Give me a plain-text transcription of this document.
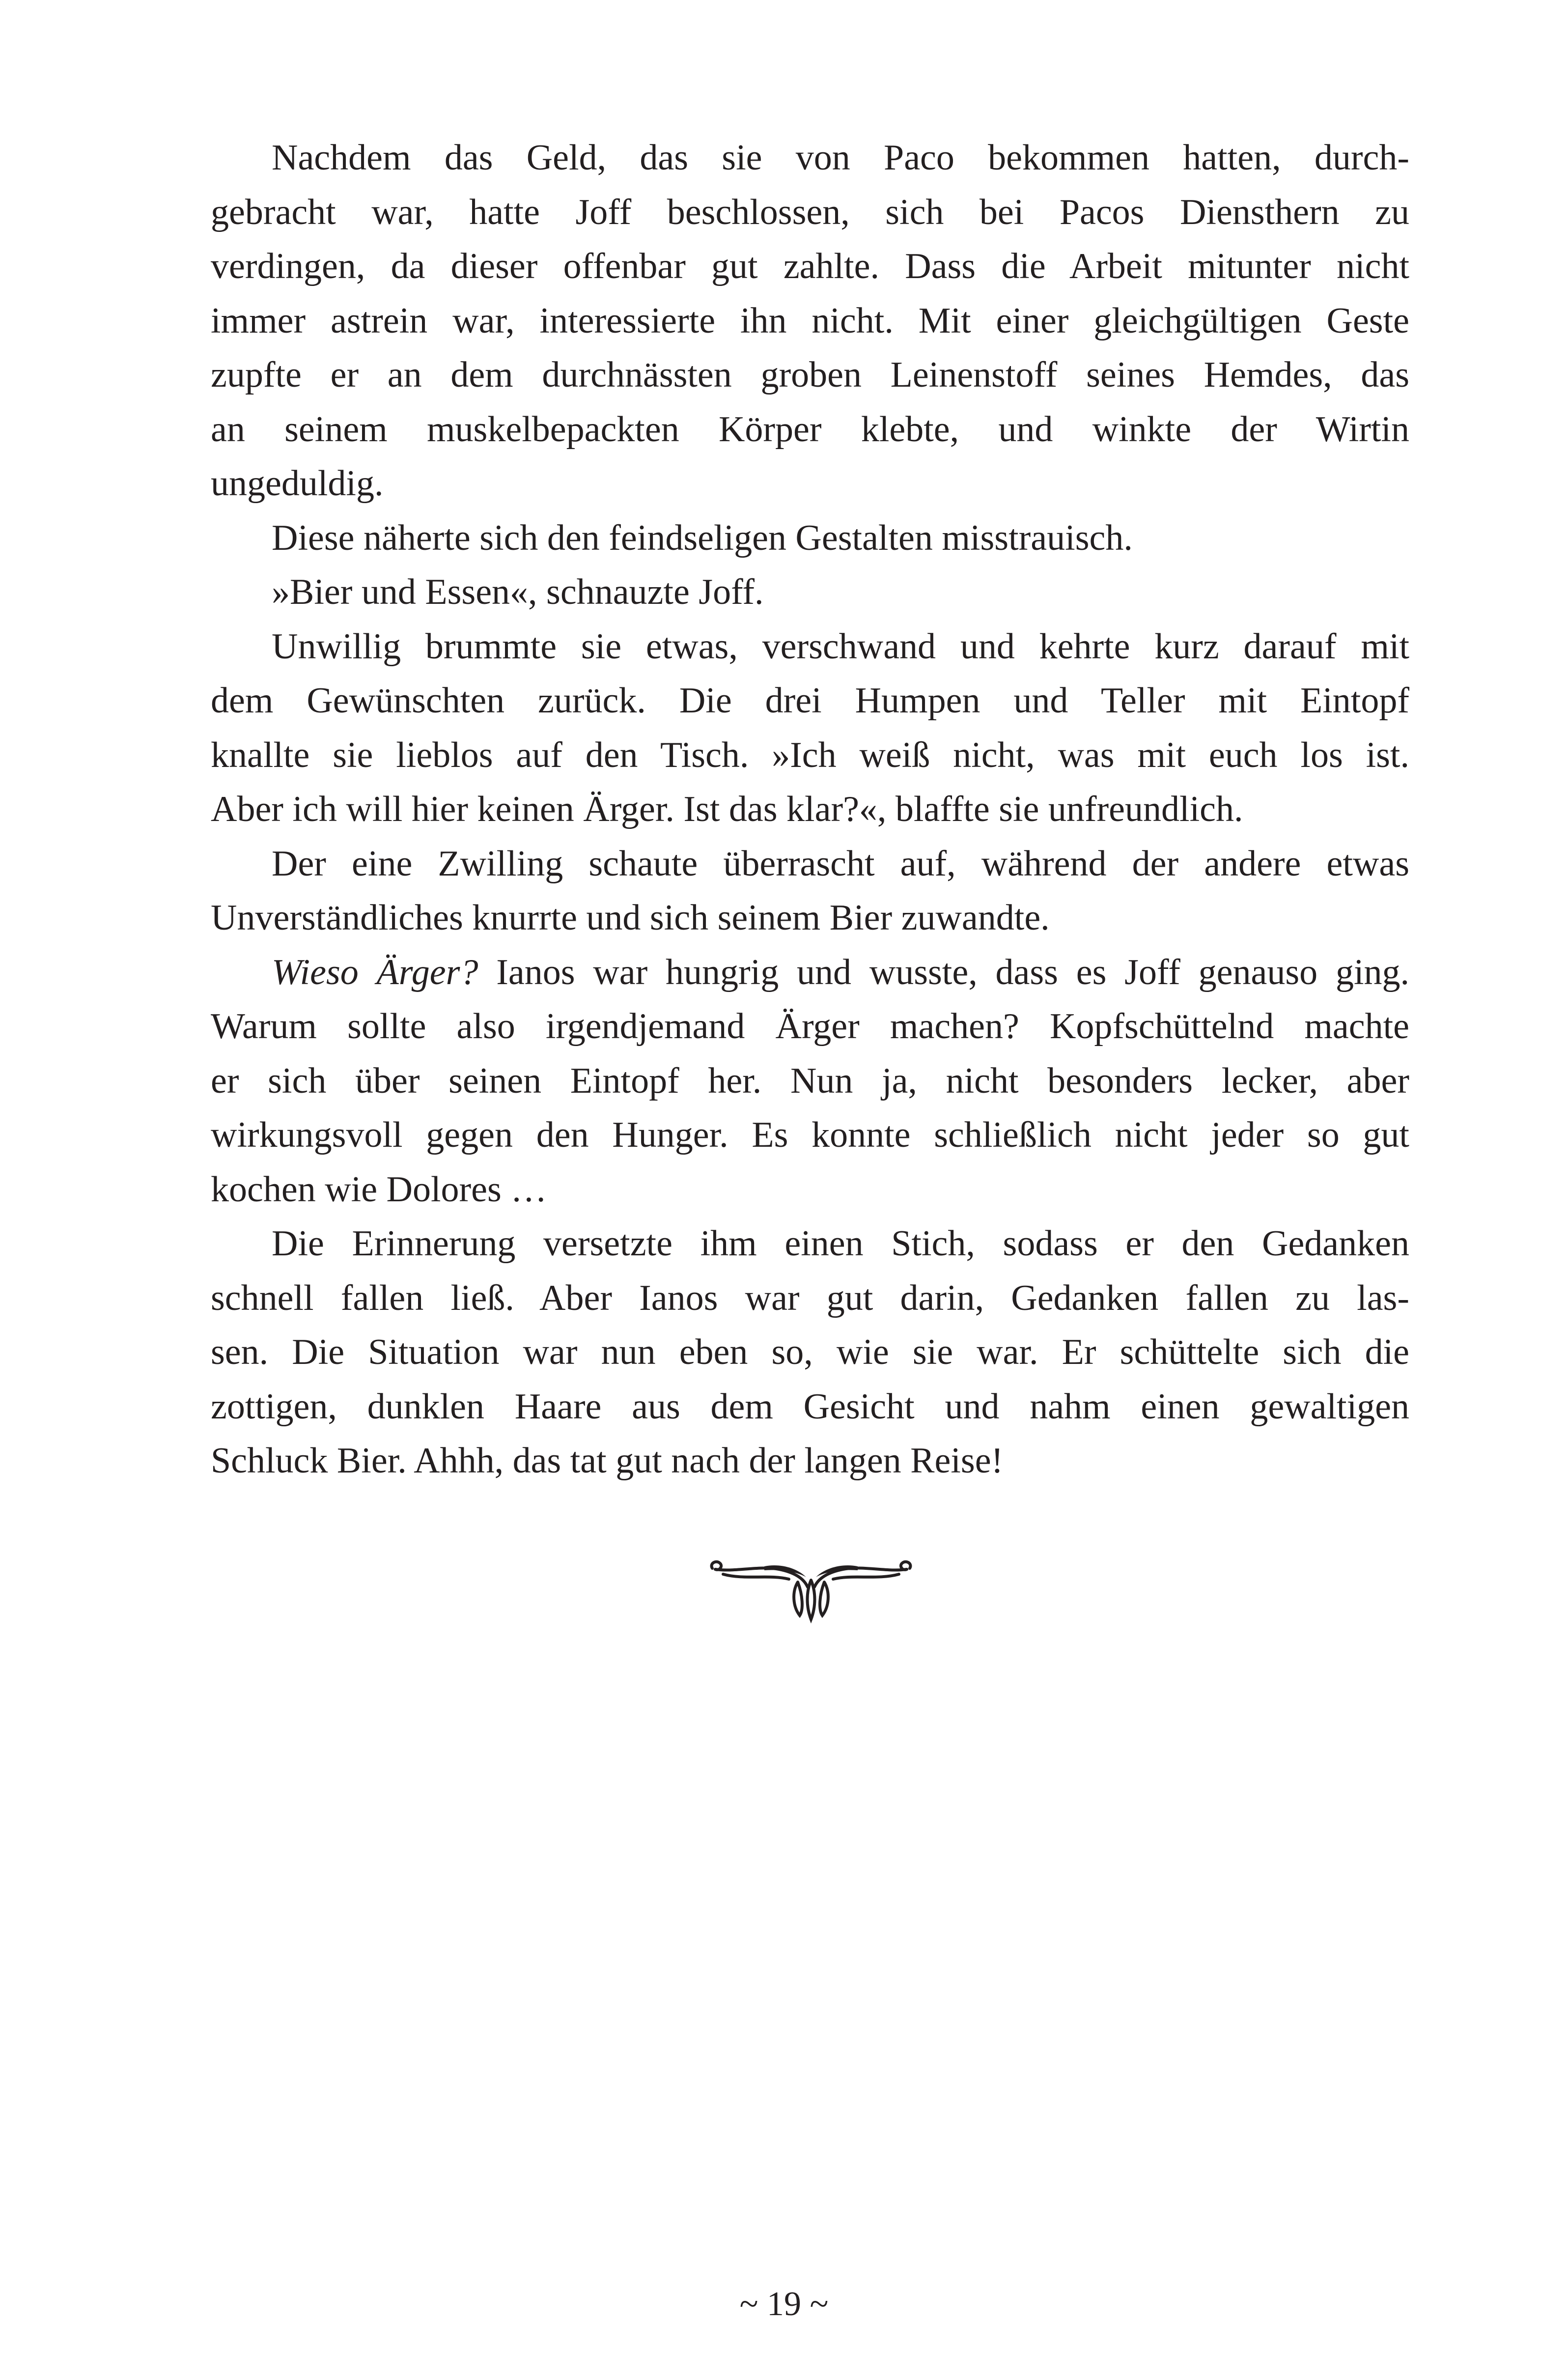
Nachdem das Geld, das sie von Paco bekommen hatten, durch-
gebracht war, hatte Joff beschlossen, sich bei Pacos Diensthern zu
verdingen, da dieser offenbar gut zahlte. Dass die Arbeit mitunter nicht
immer astrein war, interessierte ihn nicht. Mit einer gleichgültigen Geste
zupfte er an dem durchnässten groben Leinenstoff seines Hemdes, das
an seinem muskelbepackten Körper klebte, und winkte der Wirtin
ungeduldig.
Diese näherte sich den feindseligen Gestalten misstrauisch.
»Bier und Essen«, schnauzte Joff.
Unwillig brummte sie etwas, verschwand und kehrte kurz darauf mit
dem Gewünschten zurück. Die drei Humpen und Teller mit Eintopf
knallte sie lieblos auf den Tisch. »Ich weiß nicht, was mit euch los ist.
Aber ich will hier keinen Ärger. Ist das klar?«, blaffte sie unfreundlich.
Der eine Zwilling schaute überrascht auf, während der andere etwas
Unverständliches knurrte und sich seinem Bier zuwandte.
Wieso Ärger? Ianos war hungrig und wusste, dass es Joff genauso ging.
Warum sollte also irgendjemand Ärger machen? Kopfschüttelnd machte
er sich über seinen Eintopf her. Nun ja, nicht besonders lecker, aber
wirkungsvoll gegen den Hunger. Es konnte schließlich nicht jeder so gut
kochen wie Dolores …
Die Erinnerung versetzte ihm einen Stich, sodass er den Gedanken
schnell fallen ließ. Aber Ianos war gut darin, Gedanken fallen zu las-
sen. Die Situation war nun eben so, wie sie war. Er schüttelte sich die
zottigen, dunklen Haare aus dem Gesicht und nahm einen gewaltigen
Schluck Bier. Ahhh, das tat gut nach der langen Reise!
~ 19 ~
